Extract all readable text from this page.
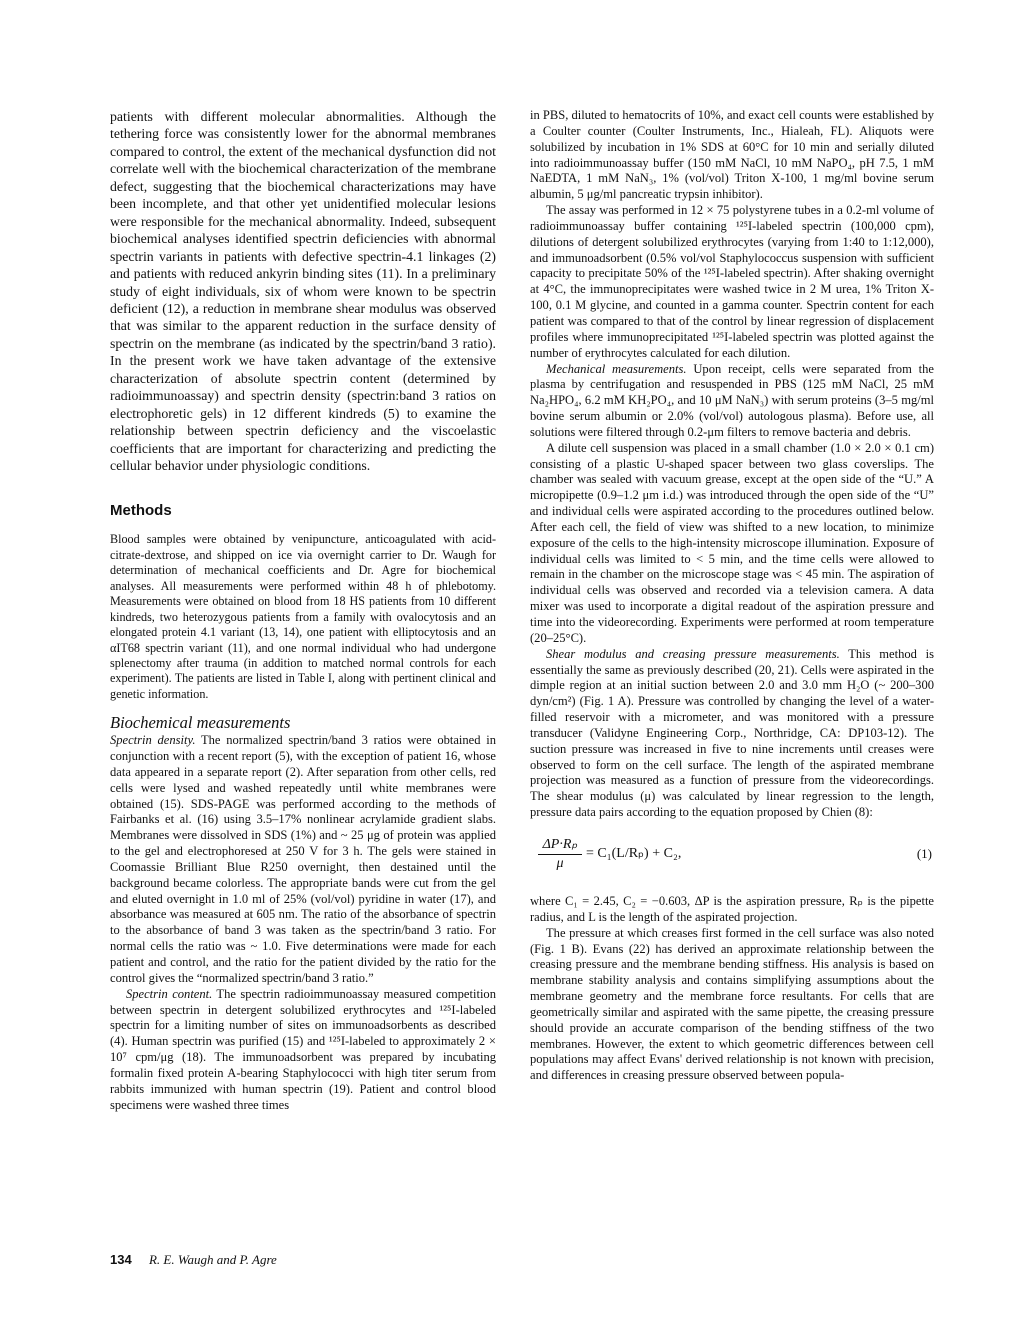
patients with different molecular abnormalities. Although the tethering force was consistently lower for the abnormal membranes compared to control, the extent of the mechanical dysfunction did not correlate well with the biochemical characterization of the membrane defect, suggesting that the biochemical characterizations may have been incomplete, and that other yet unidentified molecular lesions were responsible for the mechanical abnormality. Indeed, subsequent biochemical analyses identified spectrin deficiencies with abnormal spectrin variants in patients with defective spectrin-4.1 linkages (2) and patients with reduced ankyrin binding sites (11). In a preliminary study of eight individuals, six of whom were known to be spectrin deficient (12), a reduction in membrane shear modulus was observed that was similar to the apparent reduction in the surface density of spectrin on the membrane (as indicated by the spectrin/band 3 ratio). In the present work we have taken advantage of the extensive characterization of absolute spectrin content (determined by radioimmunoassay) and spectrin density (spectrin:band 3 ratios on electrophoretic gels) in 12 different kindreds (5) to examine the relationship between spectrin deficiency and the viscoelastic coefficients that are important for characterizing and predicting the cellular behavior under physiologic conditions.

Methods

Blood samples were obtained by venipuncture, anticoagulated with acid-citrate-dextrose, and shipped on ice via overnight carrier to Dr. Waugh for determination of mechanical coefficients and Dr. Agre for biochemical analyses. All measurements were performed within 48 h of phlebotomy. Measurements were obtained on blood from 18 HS patients from 10 different kindreds, two heterozygous patients from a family with ovalocytosis and an elongated protein 4.1 variant (13, 14), one patient with elliptocytosis and an αIT68 spectrin variant (11), and one normal individual who had undergone splenectomy after trauma (in addition to matched normal controls for each experiment). The patients are listed in Table I, along with pertinent clinical and genetic information.

Biochemical measurements

Spectrin density. The normalized spectrin/band 3 ratios were obtained in conjunction with a recent report (5), with the exception of patient 16, whose data appeared in a separate report (2). After separation from other cells, red cells were lysed and washed repeatedly until white membranes were obtained (15). SDS-PAGE was performed according to the methods of Fairbanks et al. (16) using 3.5–17% nonlinear acrylamide gradient slabs. Membranes were dissolved in SDS (1%) and ~ 25 μg of protein was applied to the gel and electrophoresed at 250 V for 3 h. The gels were stained in Coomassie Brilliant Blue R250 overnight, then destained until the background became colorless. The appropriate bands were cut from the gel and eluted overnight in 1.0 ml of 25% (vol/vol) pyridine in water (17), and absorbance was measured at 605 nm. The ratio of the absorbance of spectrin to the absorbance of band 3 was taken as the spectrin/band 3 ratio. For normal cells the ratio was ~ 1.0. Five determinations were made for each patient and control, and the ratio for the patient divided by the ratio for the control gives the “normalized spectrin/band 3 ratio.”

Spectrin content. The spectrin radioimmunoassay measured competition between spectrin in detergent solubilized erythrocytes and ¹²⁵I-labeled spectrin for a limiting number of sites on immunoadsorbents as described (4). Human spectrin was purified (15) and ¹²⁵I-labeled to approximately 2 × 10⁷ cpm/μg (18). The immunoadsorbent was prepared by incubating formalin fixed protein A-bearing Staphylococci with high titer serum from rabbits immunized with human spectrin (19). Patient and control blood specimens were washed three times

in PBS, diluted to hematocrits of 10%, and exact cell counts were established by a Coulter counter (Coulter Instruments, Inc., Hialeah, FL). Aliquots were solubilized by incubation in 1% SDS at 60°C for 10 min and serially diluted into radioimmunoassay buffer (150 mM NaCl, 10 mM NaPO₄, pH 7.5, 1 mM NaEDTA, 1 mM NaN₃, 1% (vol/vol) Triton X-100, 1 mg/ml bovine serum albumin, 5 μg/ml pancreatic trypsin inhibitor).

The assay was performed in 12 × 75 polystyrene tubes in a 0.2-ml volume of radioimmunoassay buffer containing ¹²⁵I-labeled spectrin (100,000 cpm), dilutions of detergent solubilized erythrocytes (varying from 1:40 to 1:12,000), and immunoadsorbent (0.5% vol/vol Staphylococcus suspension with sufficient capacity to precipitate 50% of the ¹²⁵I-labeled spectrin). After shaking overnight at 4°C, the immunoprecipitates were washed twice in 2 M urea, 1% Triton X-100, 0.1 M glycine, and counted in a gamma counter. Spectrin content for each patient was compared to that of the control by linear regression of displacement profiles where immunoprecipitated ¹²⁵I-labeled spectrin was plotted against the number of erythrocytes calculated for each dilution.

Mechanical measurements. Upon receipt, cells were separated from the plasma by centrifugation and resuspended in PBS (125 mM NaCl, 25 mM Na₂HPO₄, 6.2 mM KH₂PO₄, and 10 μM NaN₃) with serum proteins (3–5 mg/ml bovine serum albumin or 2.0% (vol/vol) autologous plasma). Before use, all solutions were filtered through 0.2-μm filters to remove bacteria and debris.

A dilute cell suspension was placed in a small chamber (1.0 × 2.0 × 0.1 cm) consisting of a plastic U-shaped spacer between two glass coverslips. The chamber was sealed with vacuum grease, except at the open side of the “U.” A micropipette (0.9–1.2 μm i.d.) was introduced through the open side of the “U” and individual cells were aspirated according to the procedures outlined below. After each cell, the field of view was shifted to a new location, to minimize exposure of the cells to the high-intensity microscope illumination. Exposure of individual cells was limited to < 5 min, and the time cells were allowed to remain in the chamber on the microscope stage was < 45 min. The aspiration of individual cells was observed and recorded via a television camera. A data mixer was used to incorporate a digital readout of the aspiration pressure and time into the videorecording. Experiments were performed at room temperature (20–25°C).

Shear modulus and creasing pressure measurements. This method is essentially the same as previously described (20, 21). Cells were aspirated in the dimple region at an initial suction between 2.0 and 3.0 mm H₂O (~ 200–300 dyn/cm²) (Fig. 1 A). Pressure was controlled by changing the level of a water-filled reservoir with a micrometer, and was monitored with a pressure transducer (Validyne Engineering Corp., Northridge, CA: DP103-12). The suction pressure was increased in five to nine increments until creases were observed to form on the cell surface. The length of the aspirated membrane projection was measured as a function of pressure from the videorecordings. The shear modulus (μ) was calculated by linear regression to the length, pressure data pairs according to the equation proposed by Chien (8):

$\frac{\text{ΔP·Rₚ}}{\mu} = C_1(L/R_p) + C_2$,	(1)

where C₁ = 2.45, C₂ = −0.603, ΔP is the aspiration pressure, Rₚ is the pipette radius, and L is the length of the aspirated projection.

The pressure at which creases first formed in the cell surface was also noted (Fig. 1 B). Evans (22) has derived an approximate relationship between the creasing pressure and the membrane bending stiffness. His analysis is based on membrane stability analysis and contains simplifying assumptions about the membrane geometry and the membrane force resultants. For cells that are geometrically similar and aspirated with the same pipette, the creasing pressure should provide an accurate comparison of the bending stiffness of the two membranes. However, the extent to which geometric differences between cell populations may affect Evans' derived relationship is not known with precision, and differences in creasing pressure observed between popula-

134 R. E. Waugh and P. Agre
